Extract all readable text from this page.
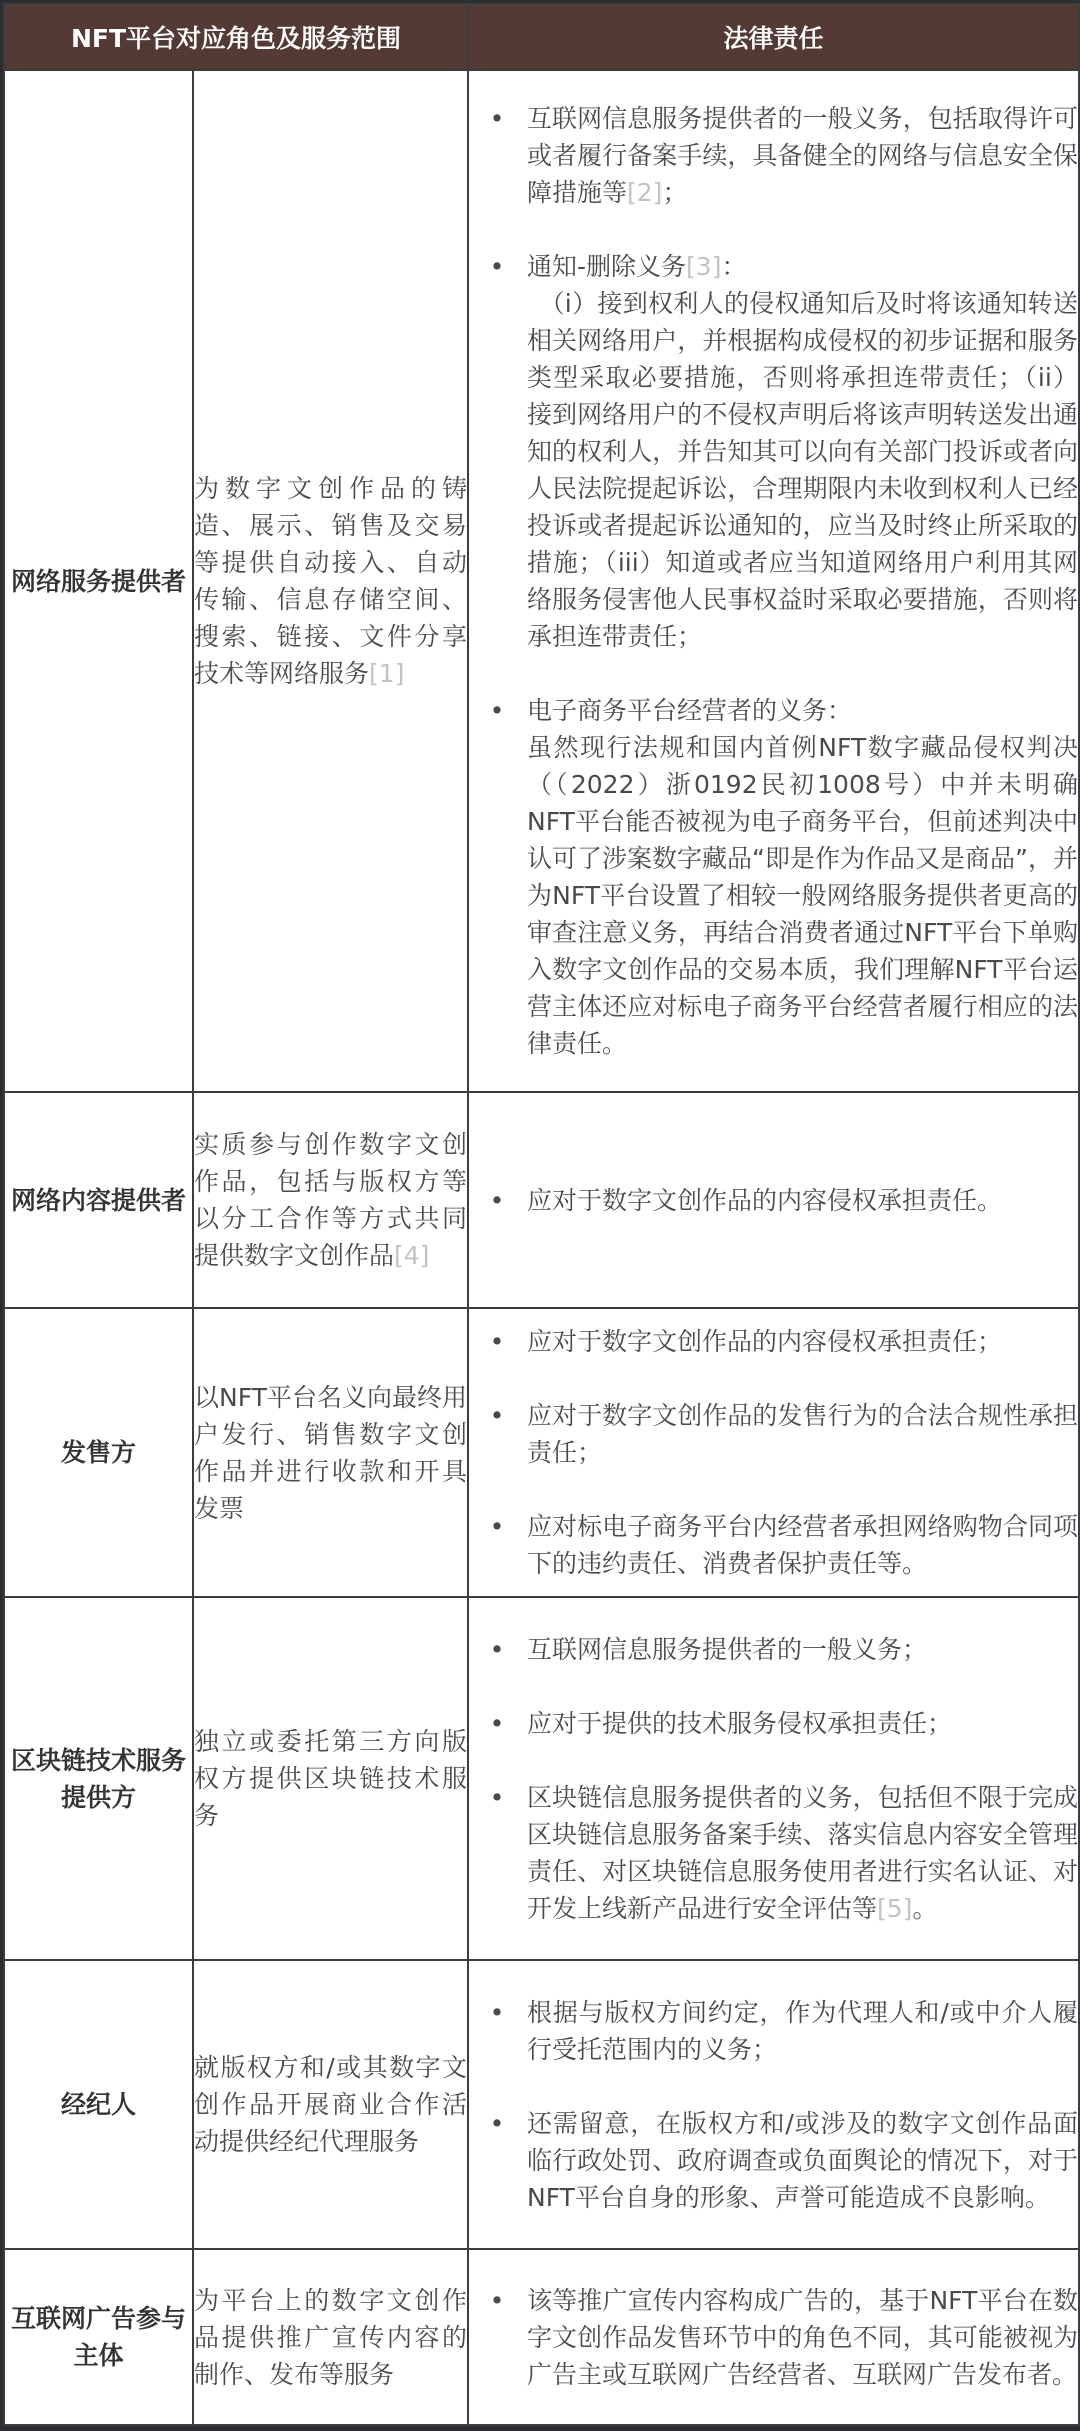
NFT平台对应角色及服务范围		法律责任
网络服务提供者	为数字文创作品的铸造、展示、销售及交易等提供自动接入、自动传输、信息存储空间、搜索、链接、文件分享技术等网络服务[1]	
• 互联网信息服务提供者的一般义务，包括取得许可或者履行备案手续，具备健全的网络与信息安全保障措施等[2]；
• 通知-删除义务[3]：
（i）接到权利人的侵权通知后及时将该通知转送相关网络用户，并根据构成侵权的初步证据和服务类型采取必要措施，否则将承担连带责任；（ii）接到网络用户的不侵权声明后将该声明转送发出通知的权利人，并告知其可以向有关部门投诉或者向人民法院提起诉讼，合理期限内未收到权利人已经投诉或者提起诉讼通知的，应当及时终止所采取的措施；（iii）知道或者应当知道网络用户利用其网络服务侵害他人民事权益时采取必要措施，否则将承担连带责任；
• 电子商务平台经营者的义务：
虽然现行法规和国内首例NFT数字藏品侵权判决（（2022）浙0192民初1008号）中并未明确NFT平台能否被视为电子商务平台，但前述判决中认可了涉案数字藏品“即是作为作品又是商品”，并为NFT平台设置了相较一般网络服务提供者更高的审查注意义务，再结合消费者通过NFT平台下单购入数字文创作品的交易本质，我们理解NFT平台运营主体还应对标电子商务平台经营者履行相应的法律责任。

网络内容提供者	实质参与创作数字文创作品，包括与版权方等以分工合作等方式共同提供数字文创作品[4]	
• 应对于数字文创作品的内容侵权承担责任。

发售方	以NFT平台名义向最终用户发行、销售数字文创作品并进行收款和开具发票	
• 应对于数字文创作品的内容侵权承担责任；
• 应对于数字文创作品的发售行为的合法合规性承担责任；
• 应对标电子商务平台内经营者承担网络购物合同项下的违约责任、消费者保护责任等。

区块链技术服务提供方	独立或委托第三方向版权方提供区块链技术服务	
• 互联网信息服务提供者的一般义务；
• 应对于提供的技术服务侵权承担责任；
• 区块链信息服务提供者的义务，包括但不限于完成区块链信息服务备案手续、落实信息内容安全管理责任、对区块链信息服务使用者进行实名认证、对开发上线新产品进行安全评估等[5]。

经纪人	就版权方和/或其数字文创作品开展商业合作活动提供经纪代理服务	
• 根据与版权方间约定，作为代理人和/或中介人履行受托范围内的义务；
• 还需留意，在版权方和/或涉及的数字文创作品面临行政处罚、政府调查或负面舆论的情况下，对于NFT平台自身的形象、声誉可能造成不良影响。

互联网广告参与主体	为平台上的数字文创作品提供推广宣传内容的制作、发布等服务	
• 该等推广宣传内容构成广告的，基于NFT平台在数字文创作品发售环节中的角色不同，其可能被视为广告主或互联网广告经营者、互联网广告发布者。
